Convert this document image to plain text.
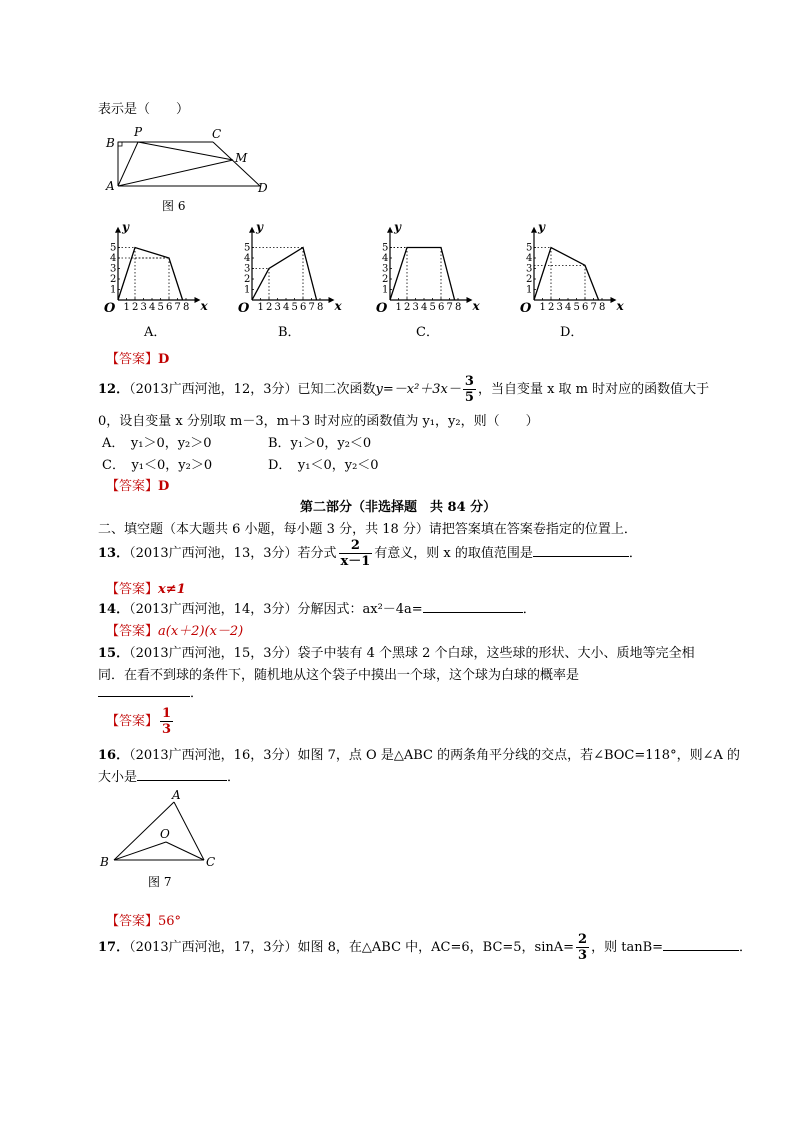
表示是（　　）
B
P	C
M
A	D
图 6
1 2 3 4 5 6 7 8
1
2
3
4
5
O
y
x
A．
1 2 3 4 5 6 7 8
1
2
3
4
5
O
y
x
B．
1 2 3 4 5 6 7 8
1
2
3
4
5
O
y
x
C．
1 2 3 4 5 6 7 8
1
2
3
4
5
O
y
x
D．
【答案】D
12．（2013广西河池，12，3分）已知二次函数$y=-x^2+3x- \frac{3}{5}$ ，当自变量 x 取 m 时对应的函数值大于
0，设自变量 x 分别取 m－3，m＋3 时对应的函数值为 y₁，y₂，则（　　）
A．　y₁＞0，y₂＞0	B．y₁＞0，y₂＜0
C．　y₁＜0，y₂＞0	D．　y₁＜0，y₂＜0
【答案】D
第二部分（非选择题　共 84 分）
二、填空题（本大题共 6 小题，每小题 3 分，共 18 分）请把答案填在答案卷指定的位置上．
13．（2013广西河池，13，3分）若分式 $\frac{2}{x-1}$ 有意义，则 x 的取值范围是	．
【答案】x≠1
14．（2013广西河池，14，3分）分解因式：ax²－4a=	．
【答案】a(x＋2)(x－2)
15．（2013广西河池，15，3分）袋子中装有 4 个黑球 2 个白球，这些球的形状、大小、质地等完全相
同．在看不到球的条件下，随机地从这个袋子中摸出一个球，这个球为白球的概率是
．
【答案】 $\frac{1}{3}$
16．（2013广西河池，16，3分）如图 7，点 O 是△ABC 的两条角平分线的交点，若∠BOC=118°，则∠A 的
大小是	．
A
O
B	C
图 7
【答案】56°
17．（2013广西河池，17，3分）如图 8，在△ABC 中，AC=6，BC=5，$\sin A= \frac{2}{3}$ ，则 tanB=	．
